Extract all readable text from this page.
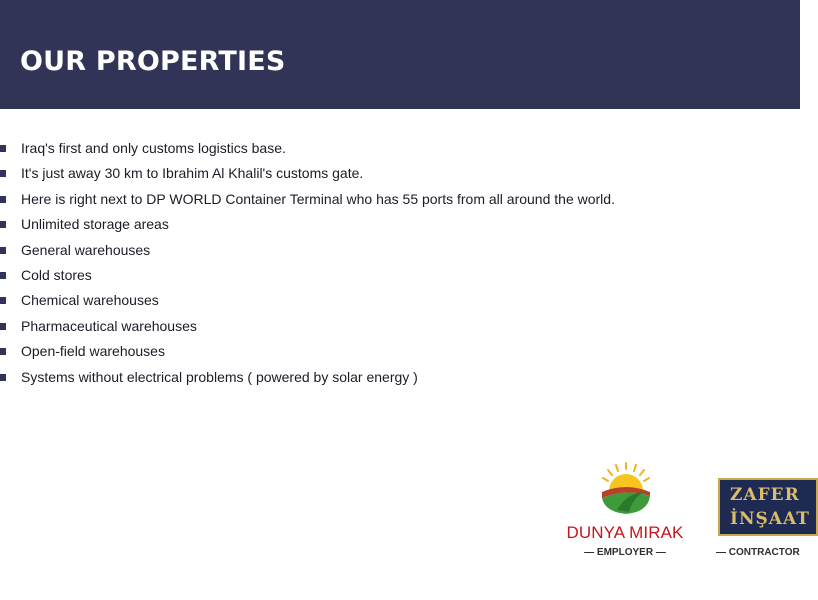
OUR PROPERTIES
Iraq's first and only customs logistics base.
It's just away 30 km to Ibrahim Al Khalil's customs gate.
Here is right next to DP WORLD Container Terminal who has 55 ports from all around the world.
Unlimited storage areas
General warehouses
Cold stores
Chemical warehouses
Pharmaceutical warehouses
Open-field warehouses
Systems without electrical problems ( powered by solar energy )
DUNYA MIRAK
— EMPLOYER —
ZAFER
İNŞAAT
— CONTRACTOR
